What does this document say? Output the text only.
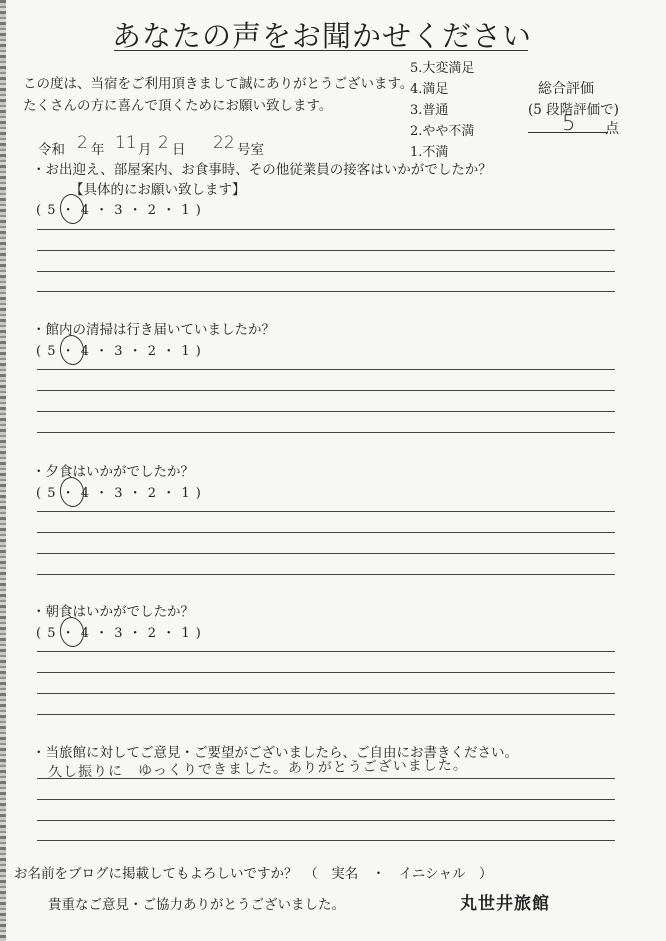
あなたの声をお聞かせください
この度は、当宿をご利用頂きまして誠にありがとうございます。
たくさんの方に喜んで頂くためにお願い致します。
5.大変満足
4.満足
3.普通
2.やや不満
1.不満
総合評価
(5 段階評価で)
5 点
令和 2 年 11 月 2 日 22 号室
・お出迎え、部屋案内、お食事時、その他従業員の接客はいかがでしたか？
【具体的にお願い致します】
( 5 ・ 4 ・ 3 ・ 2 ・ 1 )
・館内の清掃は行き届いていましたか？
( 5 ・ 4 ・ 3 ・ 2 ・ 1 )
・夕食はいかがでしたか？
( 5 ・ 4 ・ 3 ・ 2 ・ 1 )
・朝食はいかがでしたか？
( 5 ・ 4 ・ 3 ・ 2 ・ 1 )
・当旅館に対してご意見・ご要望がございましたら、ご自由にお書きください。
久し振りに　ゆっくりできました。ありがとうございました。
お名前をブログに掲載してもよろしいですか？　（　実名　・　イニシャル　）
貴重なご意見・ご協力ありがとうございました。	丸世井旅館
